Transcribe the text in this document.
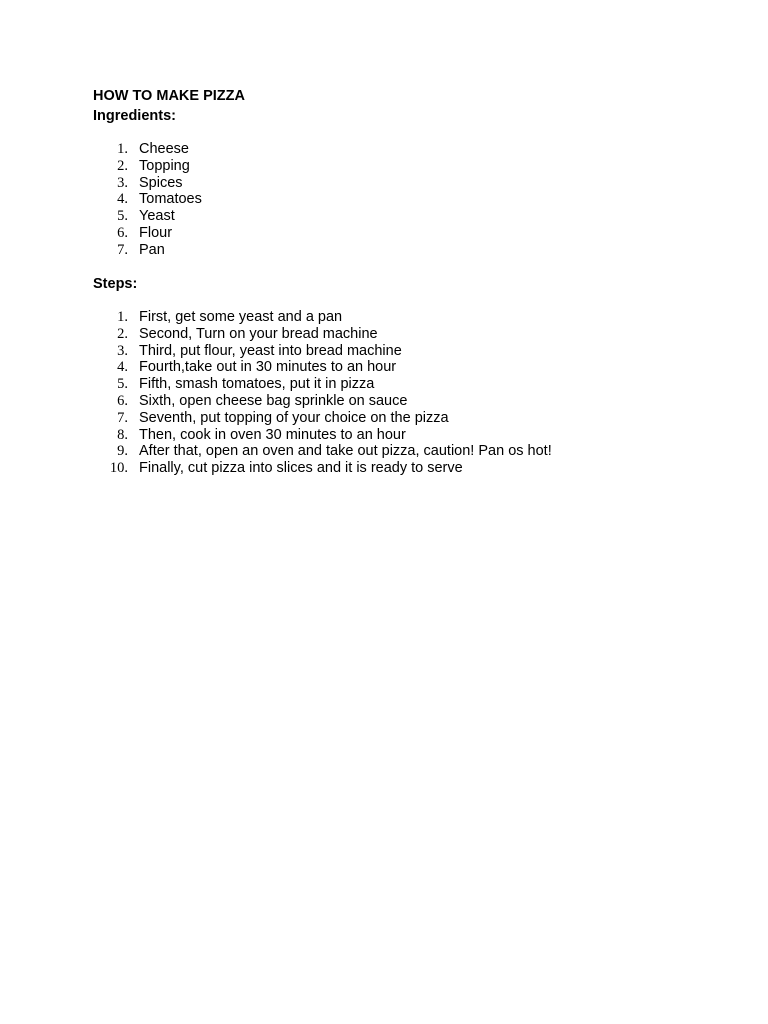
HOW TO MAKE PIZZA
Ingredients:
1. Cheese
2. Topping
3. Spices
4. Tomatoes
5. Yeast
6. Flour
7. Pan
Steps:
1. First, get some yeast and a pan
2. Second, Turn on your bread machine
3. Third, put flour, yeast into bread machine
4. Fourth,take out in 30 minutes to an hour
5. Fifth, smash tomatoes, put it in pizza
6. Sixth, open cheese bag sprinkle on sauce
7. Seventh, put topping of your choice on the pizza
8. Then, cook in oven 30 minutes to an hour
9. After that, open an oven and take out pizza, caution! Pan os hot!
10. Finally, cut pizza into slices and it is ready to serve
